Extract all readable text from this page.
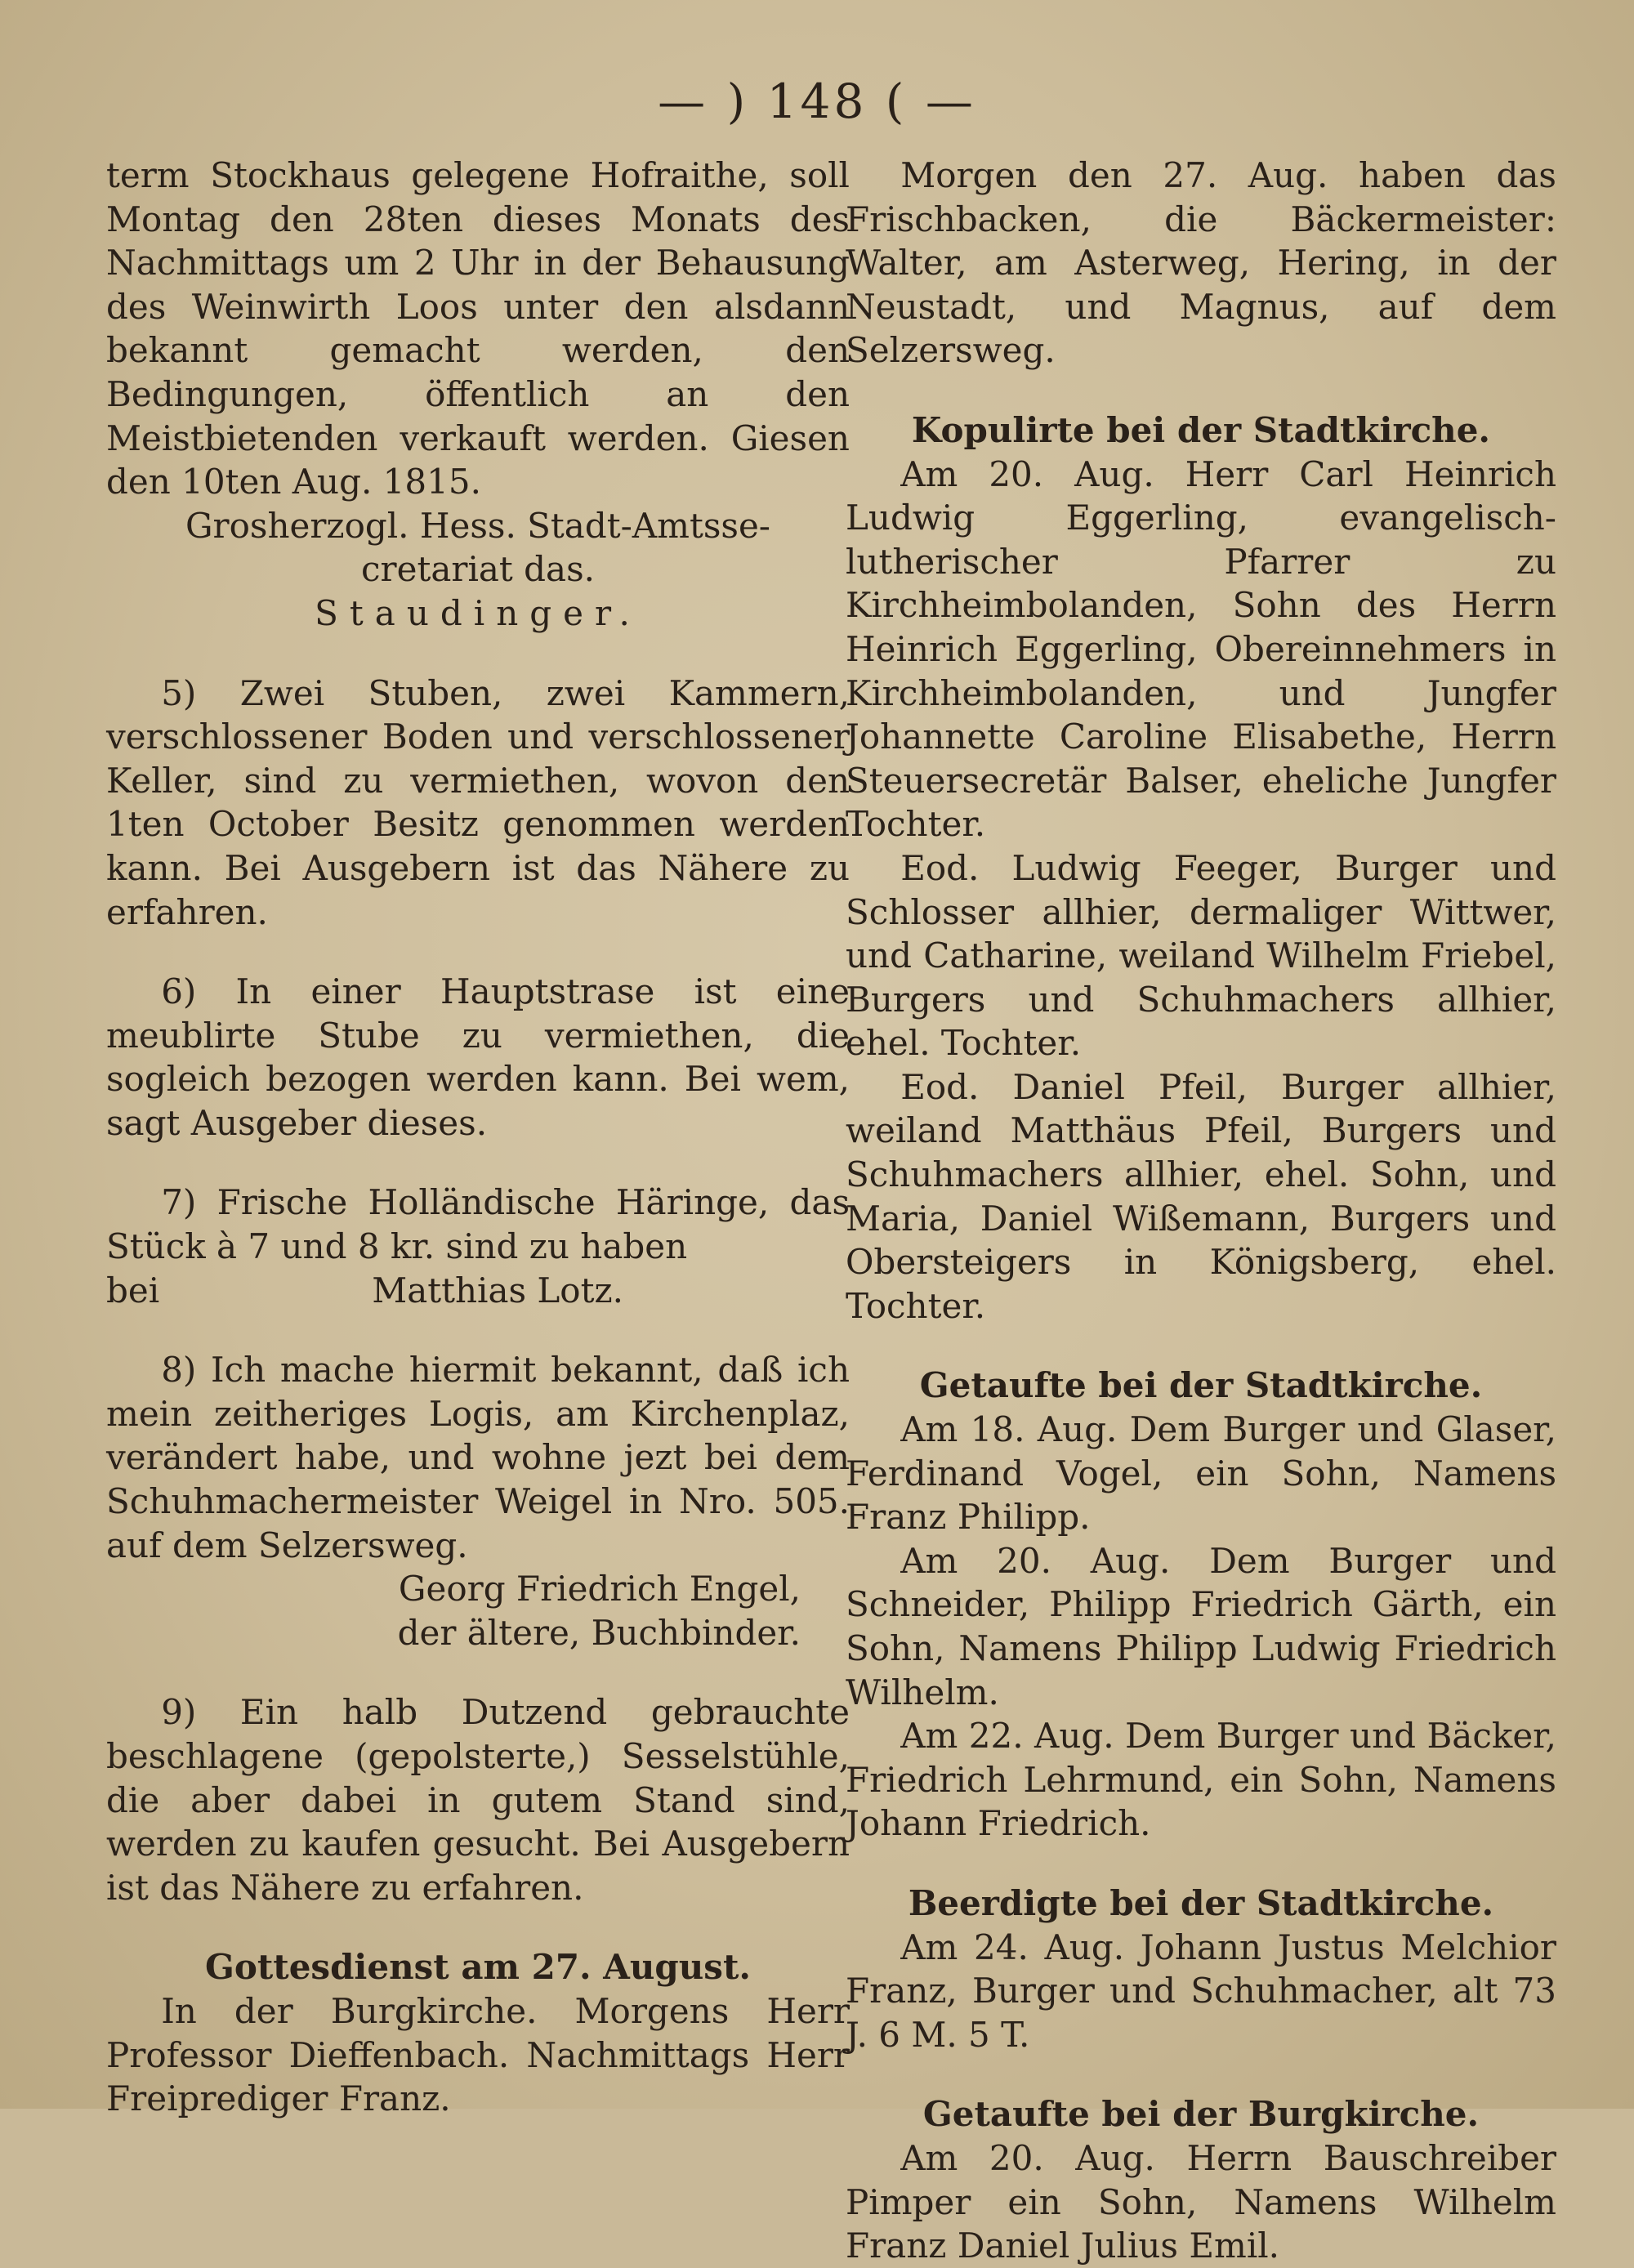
— ) 148 ( —

term Stockhaus gelegene Hofraithe, soll Montag den 28ten dieses Monats des Nachmittags um 2 Uhr in der Behausung des Weinwirth Loos unter den alsdann bekannt gemacht werden, den Bedingungen, öffentlich an den Meistbietenden verkauft werden. Giesen den 10ten Aug. 1815.

Grosherzogl. Hess. Stadt-Amtsse-

cretariat das.

Staudinger.

5) Zwei Stuben, zwei Kammern, verschlossener Boden und verschlossener Keller, sind zu vermiethen, wovon den 1ten October Besitz genommen werden kann. Bei Ausgebern ist das Nähere zu erfahren.

6) In einer Hauptstrase ist eine meublirte Stube zu vermiethen, die sogleich bezogen werden kann. Bei wem, sagt Ausgeber dieses.

7) Frische Holländische Häringe, das Stück à 7 und 8 kr. sind zu haben

bei	Matthias Lotz.

8) Ich mache hiermit bekannt, daß ich mein zeitheriges Logis, am Kirchenplaz, verändert habe, und wohne jezt bei dem Schuhmachermeister Weigel in Nro. 505. auf dem Selzersweg.

Georg Friedrich Engel,

der ältere, Buchbinder.

9) Ein halb Dutzend gebrauchte beschlagene (gepolsterte,) Sesselstühle, die aber dabei in gutem Stand sind, werden zu kaufen gesucht. Bei Ausgebern ist das Nähere zu erfahren.

Gottesdienst am 27. August.

In der Burgkirche. Morgens Herr Professor Dieffenbach. Nachmittags Herr Freiprediger Franz.

Morgen den 27. Aug. haben das Frischbacken, die Bäckermeister: Walter, am Asterweg, Hering, in der Neustadt, und Magnus, auf dem Selzersweg.

Kopulirte bei der Stadtkirche.

Am 20. Aug. Herr Carl Heinrich Ludwig Eggerling, evangelisch-lutherischer Pfarrer zu Kirchheimbolanden, Sohn des Herrn Heinrich Eggerling, Obereinnehmers in Kirchheimbolanden, und Jungfer Johannette Caroline Elisabethe, Herrn Steuersecretär Balser, eheliche Jungfer Tochter.

Eod. Ludwig Feeger, Burger und Schlosser allhier, dermaliger Wittwer, und Catharine, weiland Wilhelm Friebel, Burgers und Schuhmachers allhier, ehel. Tochter.

Eod. Daniel Pfeil, Burger allhier, weiland Matthäus Pfeil, Burgers und Schuhmachers allhier, ehel. Sohn, und Maria, Daniel Wißemann, Burgers und Obersteigers in Königsberg, ehel. Tochter.

Getaufte bei der Stadtkirche.

Am 18. Aug. Dem Burger und Glaser, Ferdinand Vogel, ein Sohn, Namens Franz Philipp.

Am 20. Aug. Dem Burger und Schneider, Philipp Friedrich Gärth, ein Sohn, Namens Philipp Ludwig Friedrich Wilhelm.

Am 22. Aug. Dem Burger und Bäcker, Friedrich Lehrmund, ein Sohn, Namens Johann Friedrich.

Beerdigte bei der Stadtkirche.

Am 24. Aug. Johann Justus Melchior Franz, Burger und Schuhmacher, alt 73 J. 6 M. 5 T.

Getaufte bei der Burgkirche.

Am 20. Aug. Herrn Bauschreiber Pimper ein Sohn, Namens Wilhelm Franz Daniel Julius Emil.
